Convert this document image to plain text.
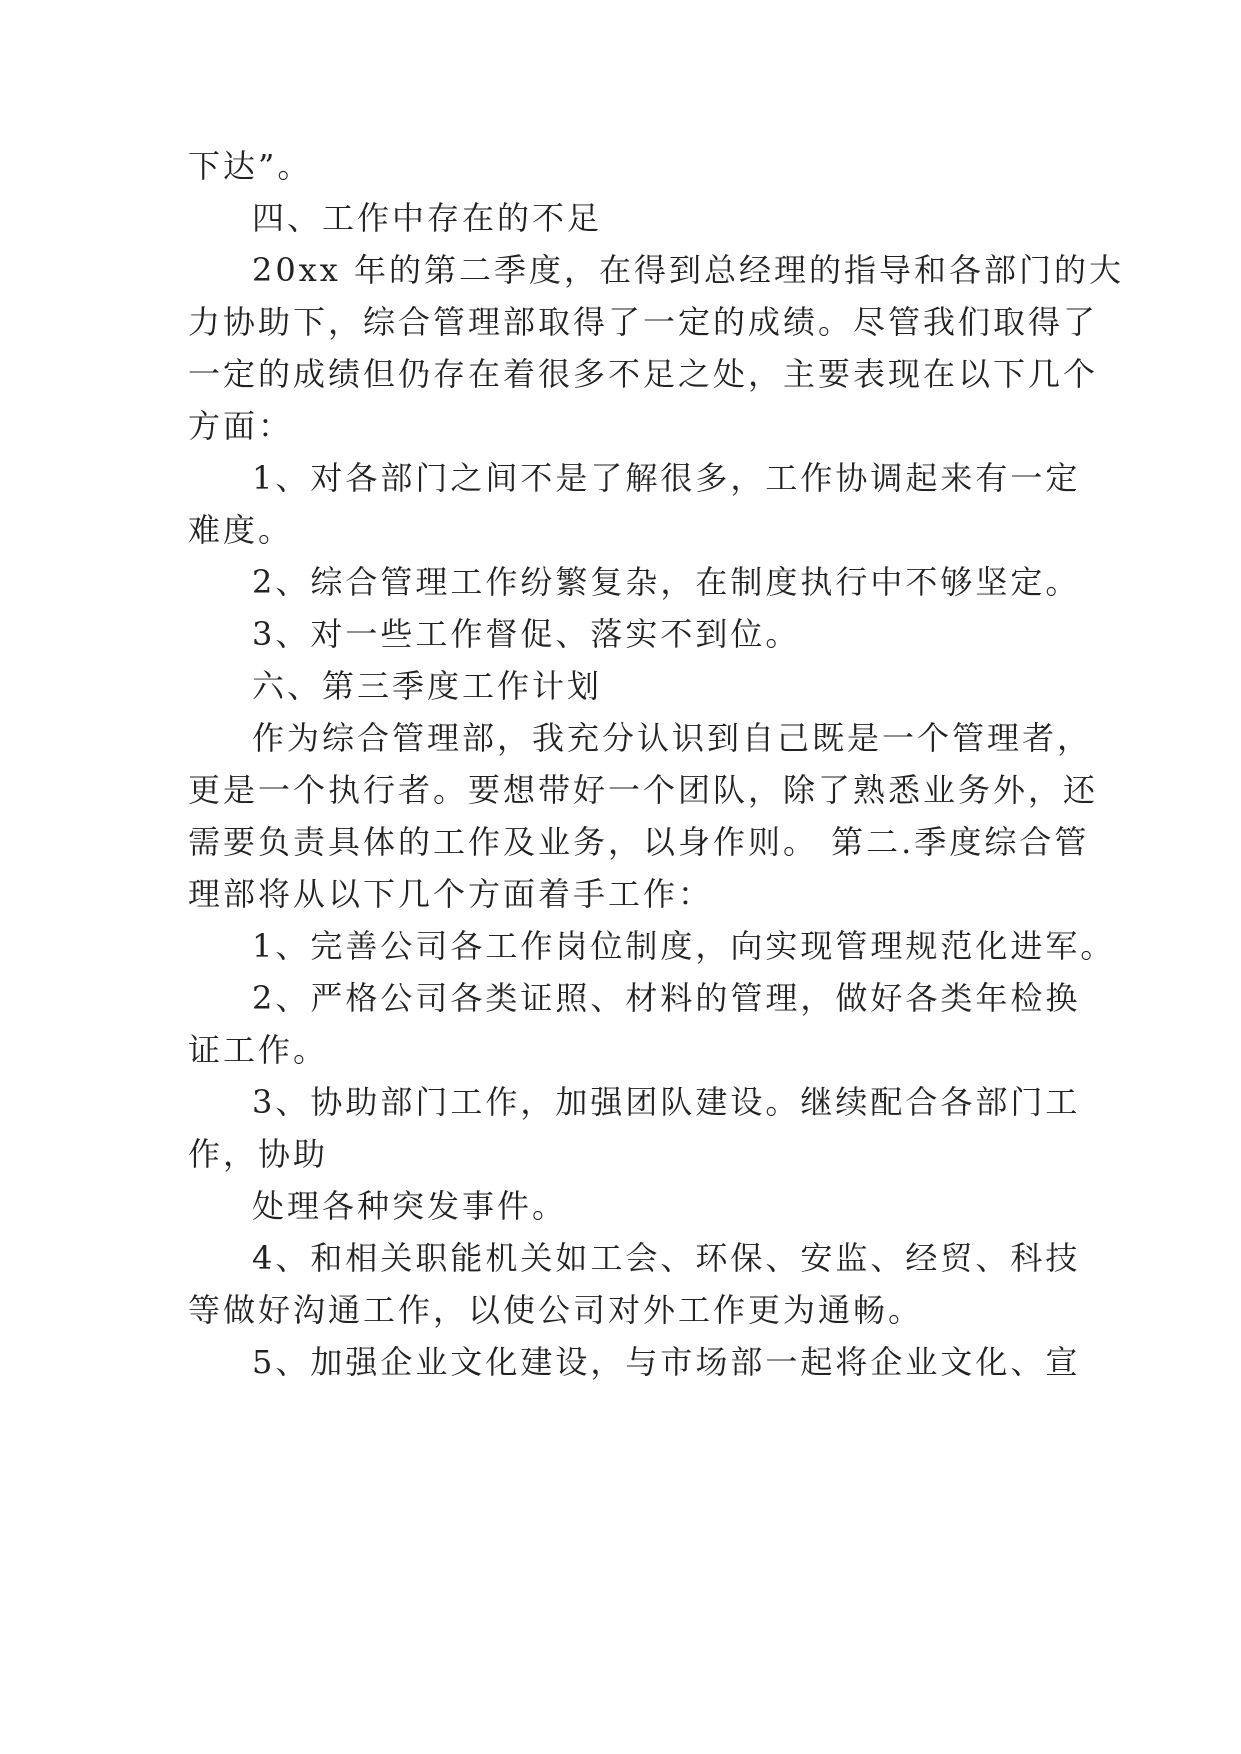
下达”。
四、工作中存在的不足
20xx 年的第二季度，在得到总经理的指导和各部门的大
力协助下，综合管理部取得了一定的成绩。尽管我们取得了
一定的成绩但仍存在着很多不足之处，主要表现在以下几个
方面：
1、对各部门之间不是了解很多，工作协调起来有一定
难度。
2、综合管理工作纷繁复杂，在制度执行中不够坚定。
3、对一些工作督促、落实不到位。
六、第三季度工作计划
作为综合管理部，我充分认识到自己既是一个管理者，
更是一个执行者。要想带好一个团队，除了熟悉业务外，还
需要负责具体的工作及业务，以身作则。 第二.季度综合管
理部将从以下几个方面着手工作：
1、完善公司各工作岗位制度，向实现管理规范化进军。
2、严格公司各类证照、材料的管理，做好各类年检换
证工作。
3、协助部门工作，加强团队建设。继续配合各部门工
作，协助
处理各种突发事件。
4、和相关职能机关如工会、环保、安监、经贸、科技
等做好沟通工作，以使公司对外工作更为通畅。
5、加强企业文化建设，与市场部一起将企业文化、宣
